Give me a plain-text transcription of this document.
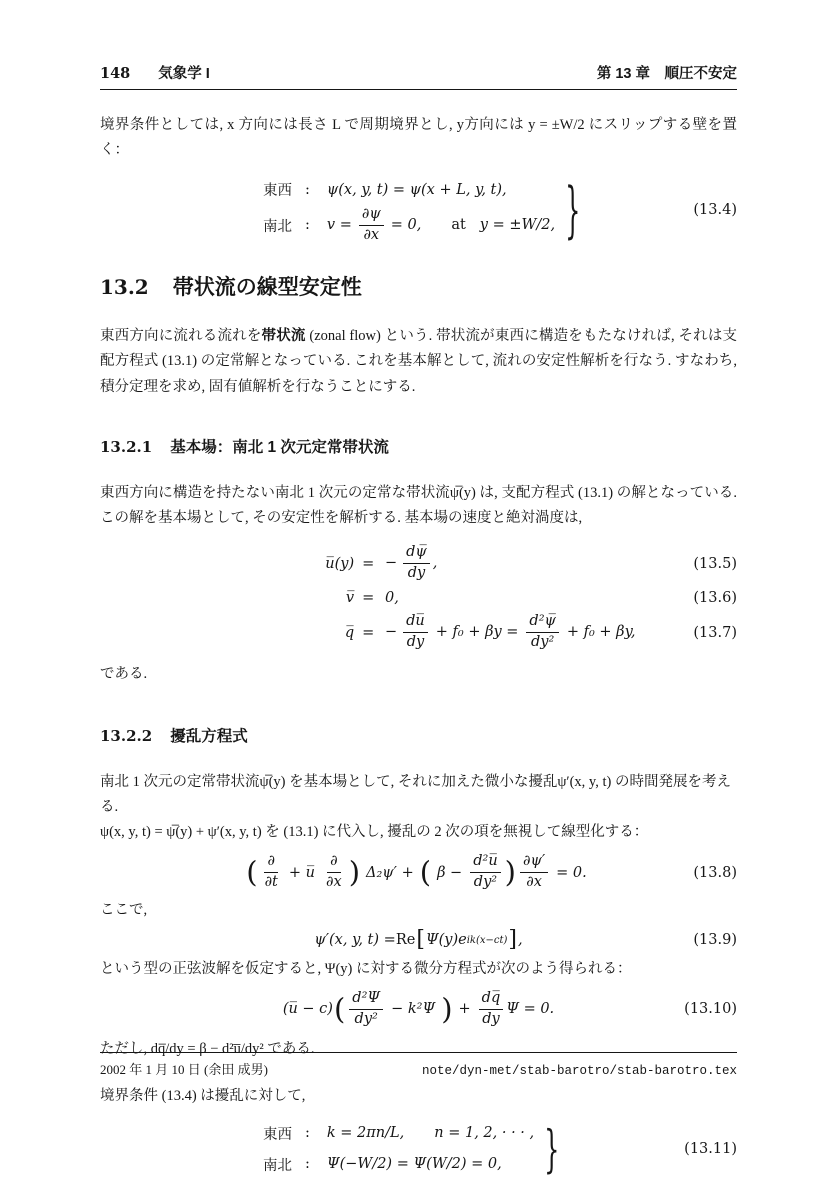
148 気象学 I	第 13 章　順圧不安定

境界条件としては, x 方向には長さ L で周期境界とし, y方向には y = ±W/2 にスリップする壁を置く：

東西 : ψ(x, y, t) = ψ(x + L, y, t),
南北 : $v = \frac{\partial\psi}{\partial x} = 0$, at y = ±W/2, }	(13.4)
13.2 帯状流の線型安定性

東西方向に流れる流れを帯状流 (zonal flow) という. 帯状流が東西に構造をもたなければ, それは支配方程式 (13.1) の定常解となっている. これを基本解として, 流れの安定性解析を行なう. すなわち, 積分定理を求め, 固有値解析を行なうことにする.

13.2.1 基本場：南北 1 次元定常帯状流

東西方向に構造を持たない南北 1 次元の定常な帯状流ψ̅(y) は, 支配方程式 (13.1) の解となっている. この解を基本場として, その安定性を解析する. 基本場の速度と絶対渦度は,

u̅(y)	=	− $\frac{d\psi̅}{dy}$ ,	(13.5)
v̅	=	0,	(13.6)
q̅	=	− $\frac{du̅}{dy} + f_0 + \beta y = \frac{\text{d²ψ̅}}{\text{dy²}} + f_0 + \beta y$,	(13.7)

である.

13.2.2 擾乱方程式

南北 1 次元の定常帯状流ψ̅(y) を基本場として, それに加えた微小な擾乱ψ′(x, y, t) の時間発展を考える.
ψ(x, y, t) = ψ̅(y) + ψ′(x, y, t) を (13.1) に代入し, 擾乱の 2 次の項を無視して線型化する：

( $\frac{\partial}{\partial t}$ + u̅ $\frac{\partial}{\partial x}$ ) Δ₂ψ′ + ( $\beta - \frac{\text{d²u̅}}{\text{dy²}}$ ) $\frac{\partial\psi'}{\partial x} = 0$.	(13.8)

ここで,

ψ′(x, y, t) = Re [ Ψ(y)e ik(x−ct) ] ,	(13.9)

という型の正弦波解を仮定すると, Ψ(y) に対する微分方程式が次のよう得られる：

(u̅ − c) ( $\frac{\text{d²Ψ}}{\text{dy²}} - k^2\Psi$ ) + $\frac{dq̅}{dy}$ Ψ = 0.	(13.10)

ただし, dq̅/dy = β − d²u̅/dy² である.

境界条件 (13.4) は擾乱に対して,

東西 : k = 2πn/L, n = 1, 2, · · · ,
南北 : Ψ(−W/2) = Ψ(W/2) = 0, }	(13.11)
2002 年 1 月 10 日 (余田 成男)	note/dyn-met/stab-barotro/stab-barotro.tex
